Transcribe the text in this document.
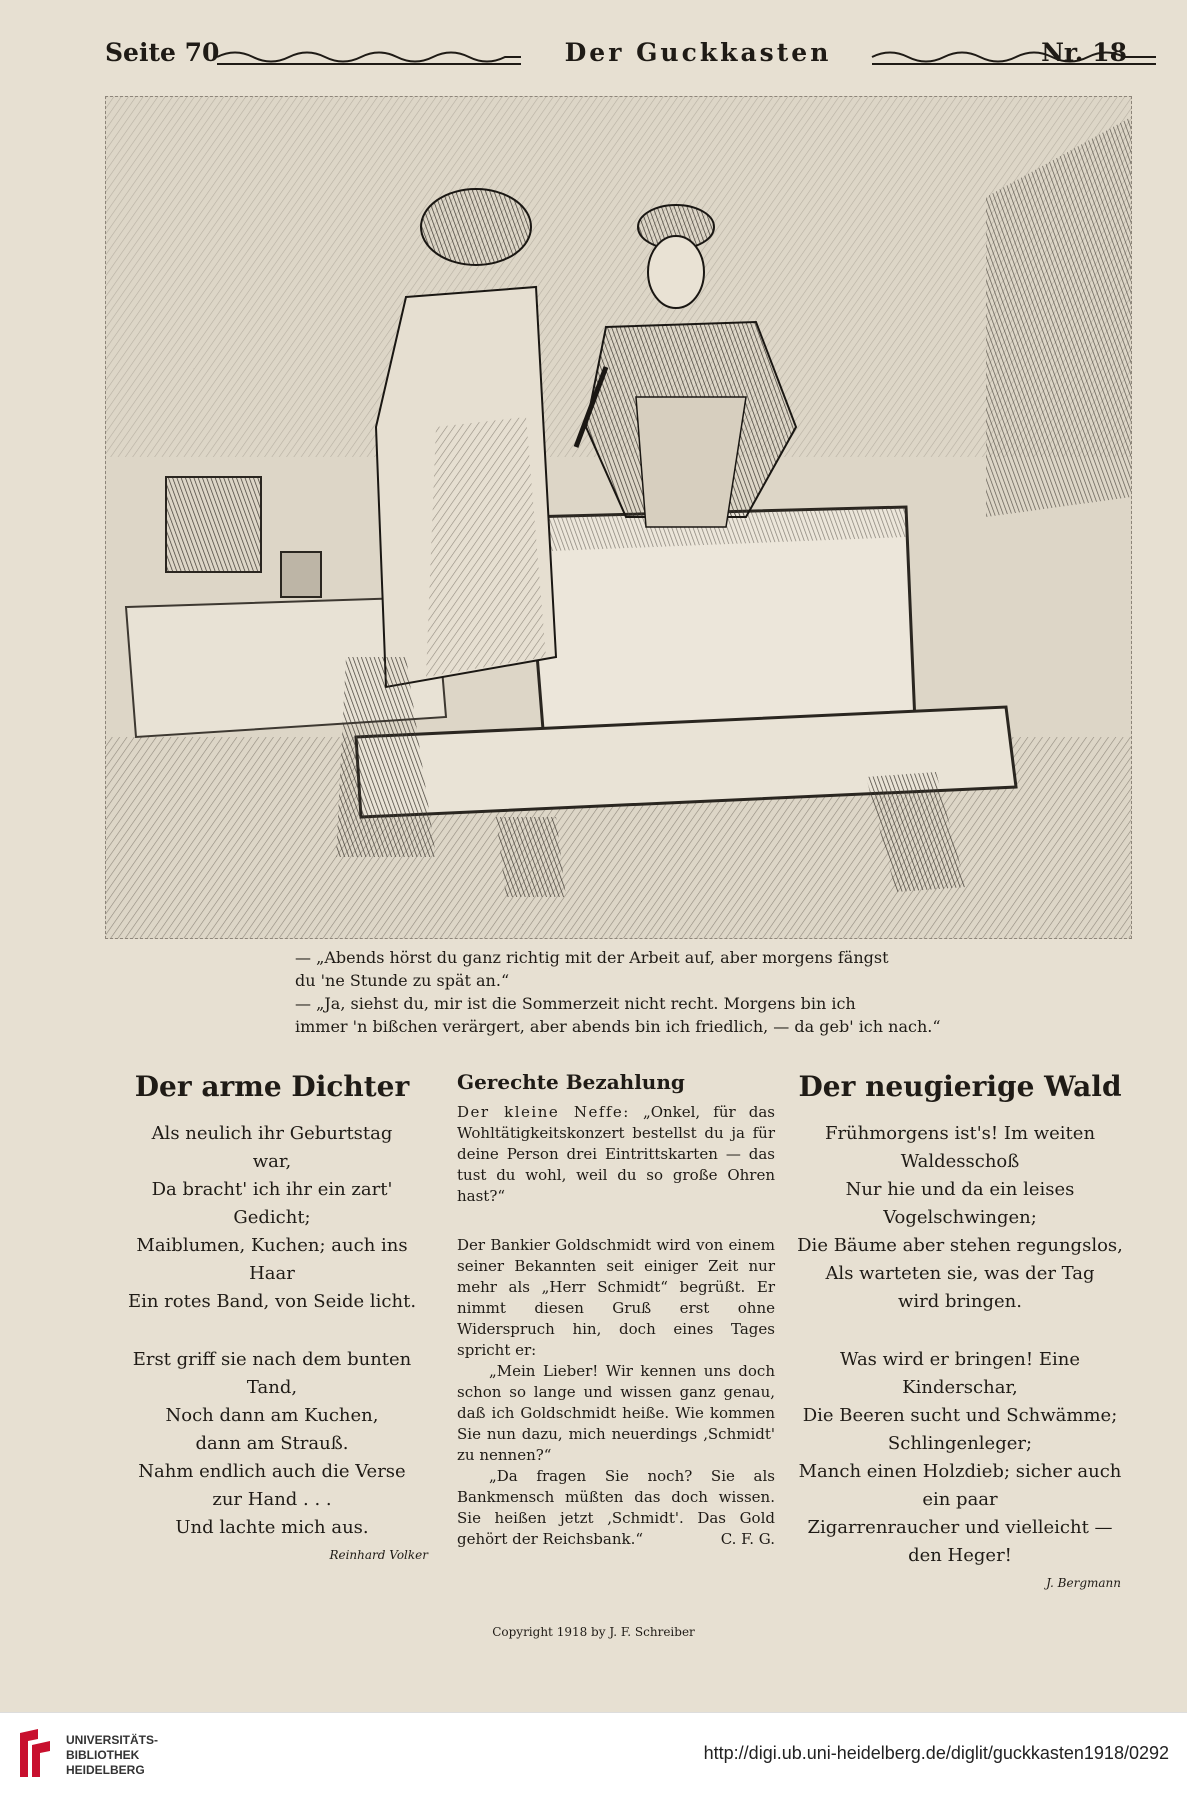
Seite 70	Der Guckkasten	Nr. 18
— „Abends hörst du ganz richtig mit der Arbeit auf, aber morgens fängst
du 'ne Stunde zu spät an.“
— „Ja, siehst du, mir ist die Sommerzeit nicht recht. Morgens bin ich
immer 'n bißchen verärgert, aber abends bin ich friedlich, — da geb' ich nach.“
Der arme Dichter
Als neulich ihr Geburtstag
war,
Da bracht' ich ihr ein zart'
Gedicht;
Maiblumen, Kuchen; auch ins
Haar
Ein rotes Band, von Seide licht.
Erst griff sie nach dem bunten
Tand,
Noch dann am Kuchen,
dann am Strauß.
Nahm endlich auch die Verse
zur Hand . . .
Und lachte mich aus.
Reinhard Volker
Gerechte Bezahlung

Der kleine Neffe: „Onkel, für das Wohltätigkeitskonzert bestellst du ja für deine Person drei Eintrittskarten — das tust du wohl, weil du so große Ohren hast?“

Der Bankier Goldschmidt wird von einem seiner Bekannten seit einiger Zeit nur mehr als „Herr Schmidt“ begrüßt. Er nimmt diesen Gruß erst ohne Widerspruch hin, doch eines Tages spricht er:

„Mein Lieber! Wir kennen uns doch schon so lange und wissen ganz genau, daß ich Goldschmidt heiße. Wie kommen Sie nun dazu, mich neuerdings ‚Schmidt' zu nennen?“

„Da fragen Sie noch? Sie als Bankmensch müßten das doch wissen. Sie heißen jetzt ‚Schmidt'. Das Gold gehört der Reichsbank.“	C. F. G.

Der neugierige Wald
Frühmorgens ist's! Im weiten
Waldesschoß
Nur hie und da ein leises
Vogelschwingen;
Die Bäume aber stehen regungslos,
Als warteten sie, was der Tag
wird bringen.
Was wird er bringen! Eine
Kinderschar,
Die Beeren sucht und Schwämme;
Schlingenleger;
Manch einen Holzdieb; sicher auch
ein paar
Zigarrenraucher und vielleicht —
den Heger!
J. Bergmann
Copyright 1918 by J. F. Schreiber
UNIVERSITÄTS-
BIBLIOTHEK
HEIDELBERG
http://digi.ub.uni-heidelberg.de/diglit/guckkasten1918/0292
